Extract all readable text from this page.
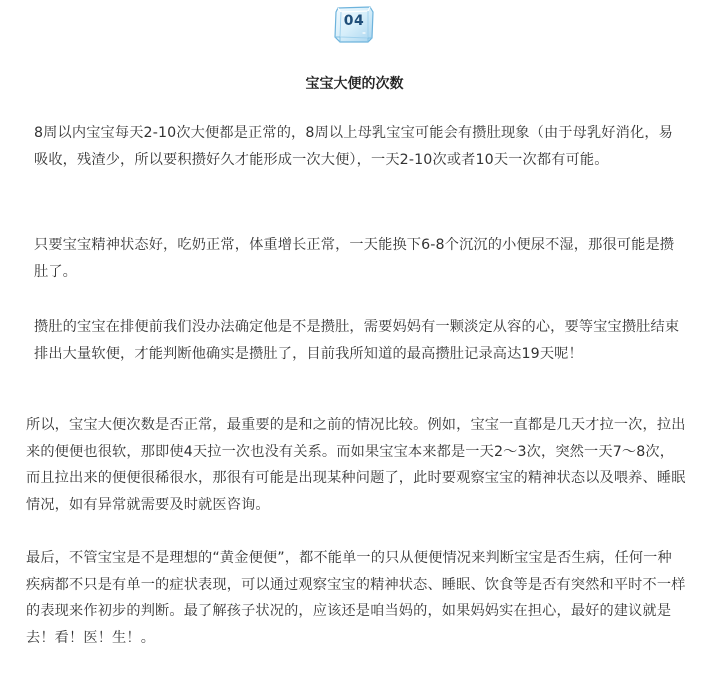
04
宝宝大便的次数

8周以内宝宝每天2-10次大便都是正常的，8周以上母乳宝宝可能会有攒肚现象（由于母乳好消化，易吸收，残渣少，所以要积攒好久才能形成一次大便），一天2-10次或者10天一次都有可能。

只要宝宝精神状态好，吃奶正常，体重增长正常，一天能换下6-8个沉沉的小便尿不湿，那很可能是攒肚了。

攒肚的宝宝在排便前我们没办法确定他是不是攒肚，需要妈妈有一颗淡定从容的心，要等宝宝攒肚结束排出大量软便，才能判断他确实是攒肚了，目前我所知道的最高攒肚记录高达19天呢！

所以，宝宝大便次数是否正常，最重要的是和之前的情况比较。例如，宝宝一直都是几天才拉一次，拉出来的便便也很软，那即使4天拉一次也没有关系。而如果宝宝本来都是一天2～3次，突然一天7～8次，而且拉出来的便便很稀很水，那很有可能是出现某种问题了，此时要观察宝宝的精神状态以及喂养、睡眠情况，如有异常就需要及时就医咨询。

最后，不管宝宝是不是理想的“黄金便便”，都不能单一的只从便便情况来判断宝宝是否生病，任何一种疾病都不只是有单一的症状表现，可以通过观察宝宝的精神状态、睡眠、饮食等是否有突然和平时不一样的表现来作初步的判断。最了解孩子状况的，应该还是咱当妈的，如果妈妈实在担心，最好的建议就是去！看！医！生！。
